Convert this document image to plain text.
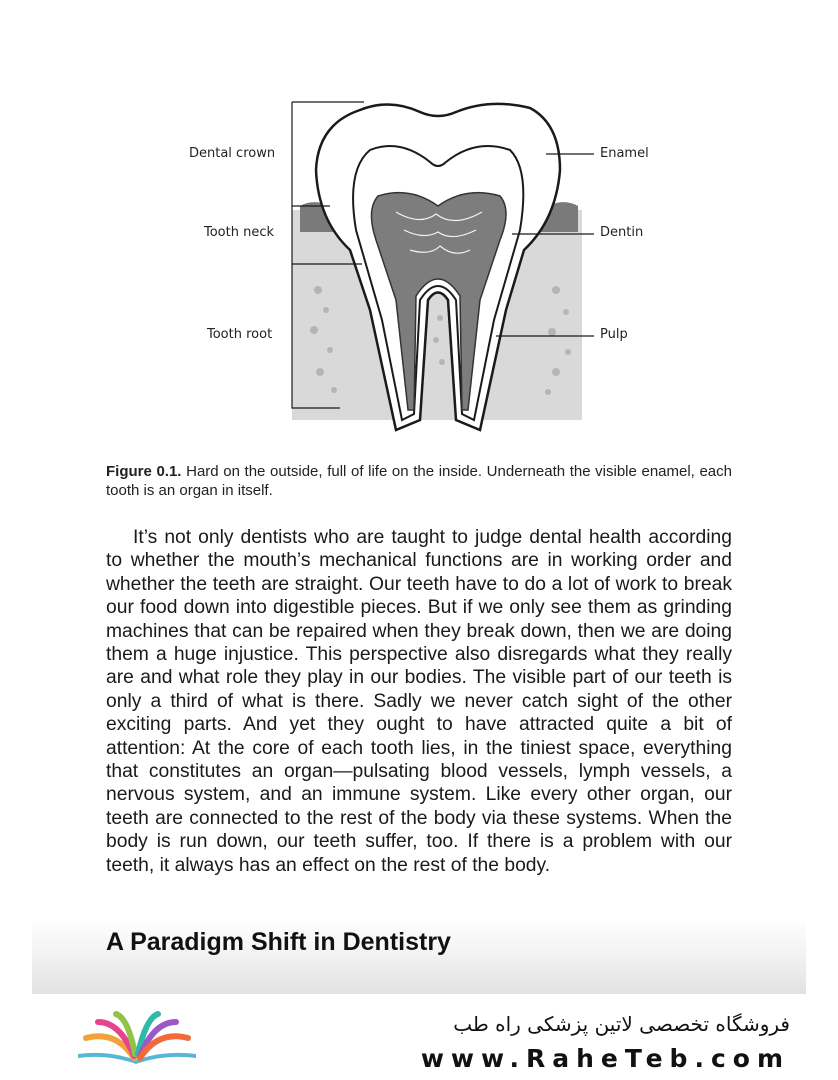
Dental crown
Tooth neck
Tooth root
Enamel
Dentin
Pulp
Figure 0.1. Hard on the outside, full of life on the inside. Underneath the visible enamel, each tooth is an organ in itself.

It’s not only dentists who are taught to judge dental health according to whether the mouth’s mechanical functions are in working order and whether the teeth are straight. Our teeth have to do a lot of work to break our food down into digestible pieces. But if we only see them as grinding machines that can be repaired when they break down, then we are doing them a huge injustice. This perspective also disregards what they really are and what role they play in our bodies. The visible part of our teeth is only a third of what is there. Sadly we never catch sight of the other exciting parts. And yet they ought to have attracted quite a bit of attention: At the core of each tooth lies, in the tiniest space, everything that constitutes an organ—pulsating blood vessels, lymph vessels, a nervous system, and an immune system. Like every other organ, our teeth are connected to the rest of the body via these systems. When the body is run down, our teeth suffer, too. If there is a problem with our teeth, it always has an effect on the rest of the body.

A Paradigm Shift in Dentistry
فروشگاه تخصصی لاتین پزشکی راه طب
www.RaheTeb.com
